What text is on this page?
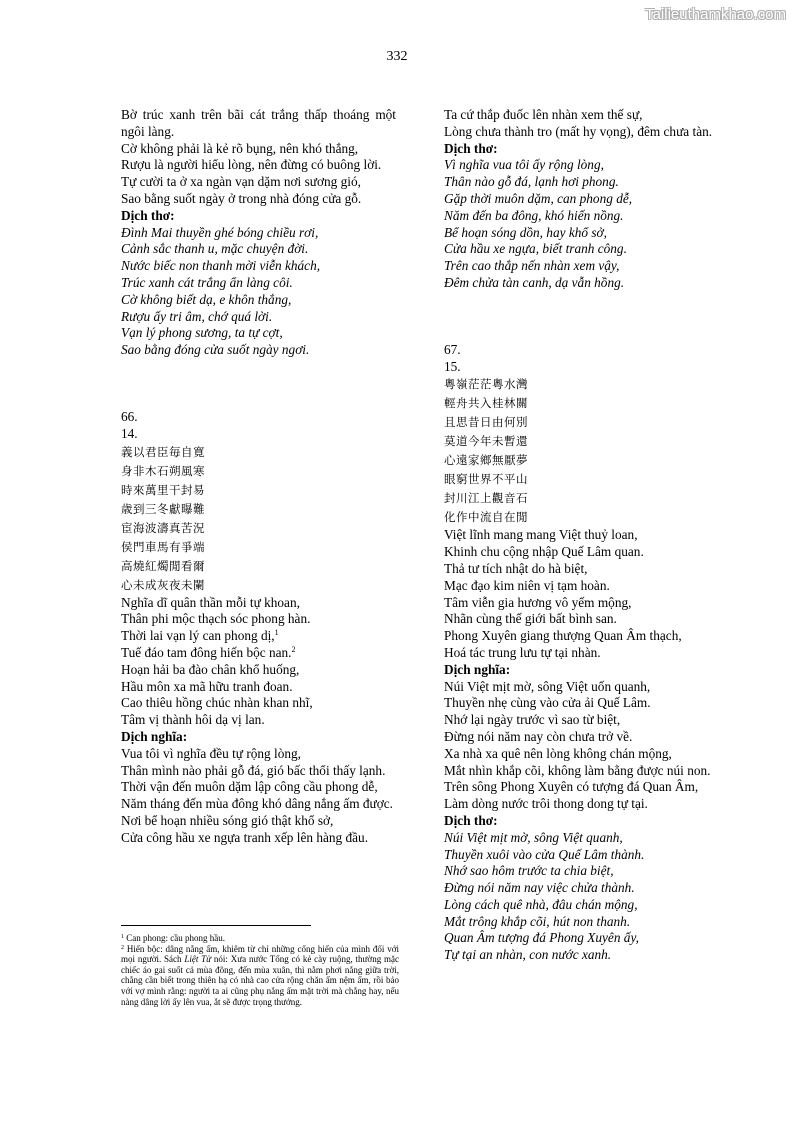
Tailieuthamkhao.com
332
Bờ trúc xanh trên bãi cát trắng thấp thoáng một ngôi làng.
Cờ không phải là kẻ rõ bụng, nên khó thắng,
Rượu là người hiểu lòng, nên đừng có buông lời.
Tự cười ta ở xa ngàn vạn dặm nơi sương gió,
Sao bằng suốt ngày ở trong nhà đóng cửa gỗ.
Dịch thơ:
Đình Mai thuyền ghé bóng chiều rơi,
Cảnh sắc thanh u, mặc chuyện đời.
Nước biếc non thanh mời viễn khách,
Trúc xanh cát trắng ẩn làng côi.
Cờ không biết dạ, e khôn thắng,
Rượu ấy tri âm, chớ quá lời.
Vạn lý phong sương, ta tự cợt,
Sao bằng đóng cửa suốt ngày ngơi.
66.
14.
義以君臣毎自寛
身非木石朔風寒
時來萬里干封易
歳到三冬獻曝難
宦海波濤真苦況
侯門車馬有爭端
高燒紅燭閒看爾
心未成灰夜未闌
Nghĩa dĩ quân thần mỗi tự khoan,
Thân phi mộc thạch sóc phong hàn.
Thời lai vạn lý can phong dị,$^1$
Tuế đáo tam đông hiến bộc nan.$^2$
Hoạn hải ba đào chân khổ huống,
Hầu môn xa mã hữu tranh đoan.
Cao thiêu hồng chúc nhàn khan nhĩ,
Tâm vị thành hôi dạ vị lan.
Dịch nghĩa:
Vua tôi vì nghĩa đều tự rộng lòng,
Thân mình nào phải gỗ đá, gió bấc thổi thấy lạnh.
Thời vận đến muôn dặm lập công cầu phong dễ,
Năm tháng đến mùa đông khó dâng nắng ấm được.
Nơi bể hoạn nhiều sóng gió thật khổ sở,
Cửa công hầu xe ngựa tranh xếp lên hàng đầu.
Ta cứ thắp đuốc lên nhàn xem thế sự,
Lòng chưa thành tro (mất hy vọng), đêm chưa tàn.
Dịch thơ:
Vì nghĩa vua tôi ấy rộng lòng,
Thân nào gỗ đá, lạnh hơi phong.
Gặp thời muôn dặm, can phong dễ,
Năm đến ba đông, khó hiến nồng.
Bể hoạn sóng dồn, hay khổ sở,
Cửa hầu xe ngựa, biết tranh công.
Trên cao thắp nến nhàn xem vậy,
Đêm chửa tàn canh, dạ vẫn hồng.
67.
15.
粵嶺茫茫粵水灣
輕舟共入桂林關
且思昔日由何別
莫道今年未暫還
心遠家鄉無厭夢
眼窮世界不平山
封川江上觀音石
化作中流自在閒
Việt lĩnh mang mang Việt thuỷ loan,
Khinh chu cộng nhập Quế Lâm quan.
Thả tư tích nhật do hà biệt,
Mạc đạo kim niên vị tạm hoàn.
Tâm viễn gia hương vô yếm mộng,
Nhãn cùng thế giới bất bình san.
Phong Xuyên giang thượng Quan Âm thạch,
Hoá tác trung lưu tự tại nhàn.
Dịch nghĩa:
Núi Việt mịt mờ, sông Việt uốn quanh,
Thuyền nhẹ cùng vào cửa ải Quế Lâm.
Nhớ lại ngày trước vì sao từ biệt,
Đừng nói năm nay còn chưa trở về.
Xa nhà xa quê nên lòng không chán mộng,
Mắt nhìn khắp cõi, không làm bằng được núi non.
Trên sông Phong Xuyên có tượng đá Quan Âm,
Làm dòng nước trôi thong dong tự tại.
Dịch thơ:
Núi Việt mịt mờ, sông Việt quanh,
Thuyền xuôi vào cửa Quế Lâm thành.
Nhớ sao hôm trước ta chia biệt,
Đừng nói năm nay việc chửa thành.
Lòng cách quê nhà, đâu chán mộng,
Mắt trông khắp cõi, hút non thanh.
Quan Âm tượng đá Phong Xuyên ấy,
Tự tại an nhàn, con nước xanh.
$^1$ Can phong: cầu phong hầu.
$^2$ Hiến bộc: dâng nắng ấm, khiêm từ chỉ những cống hiến của mình đối với mọi người. Sách Liệt Tử nói: Xưa nước Tống có kẻ cày ruộng, thường mặc chiếc áo gai suốt cả mùa đông, đến mùa xuân, thì nằm phơi nắng giữa trời, chẳng cần biết trong thiên hạ có nhà cao cửa rộng chăn ấm nệm ấm, rồi bảo với vợ mình rằng: người ta ai cũng phụ nắng ấm mặt trời mà chẳng hay, nếu nàng dâng lời ấy lên vua, ắt sẽ được trọng thưởng.
